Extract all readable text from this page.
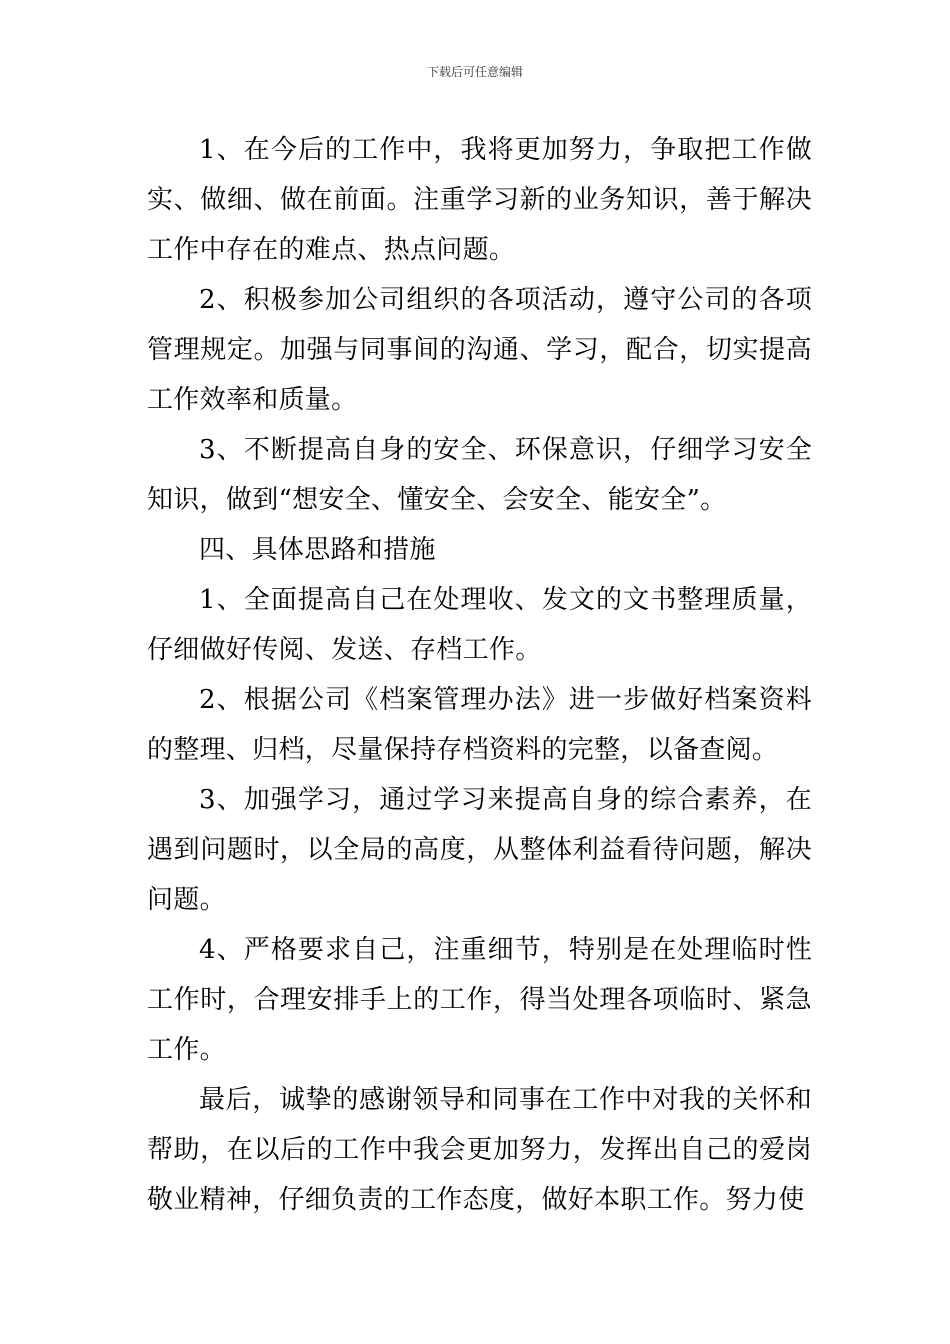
下载后可任意编辑

1、在今后的工作中，我将更加努力，争取把工作做实、做细、做在前面。注重学习新的业务知识，善于解决工作中存在的难点、热点问题。

2、积极参加公司组织的各项活动，遵守公司的各项管理规定。加强与同事间的沟通、学习，配合，切实提高工作效率和质量。

3、不断提高自身的安全、环保意识，仔细学习安全知识，做到“想安全、懂安全、会安全、能安全”。

四、具体思路和措施

1、全面提高自己在处理收、发文的文书整理质量，仔细做好传阅、发送、存档工作。

2、根据公司《档案管理办法》进一步做好档案资料的整理、归档，尽量保持存档资料的完整，以备查阅。

3、加强学习，通过学习来提高自身的综合素养，在遇到问题时，以全局的高度，从整体利益看待问题，解决问题。

4、严格要求自己，注重细节，特别是在处理临时性工作时，合理安排手上的工作，得当处理各项临时、紧急工作。

最后，诚挚的感谢领导和同事在工作中对我的关怀和帮助，在以后的工作中我会更加努力，发挥出自己的爱岗敬业精神，仔细负责的工作态度，做好本职工作。努力使
